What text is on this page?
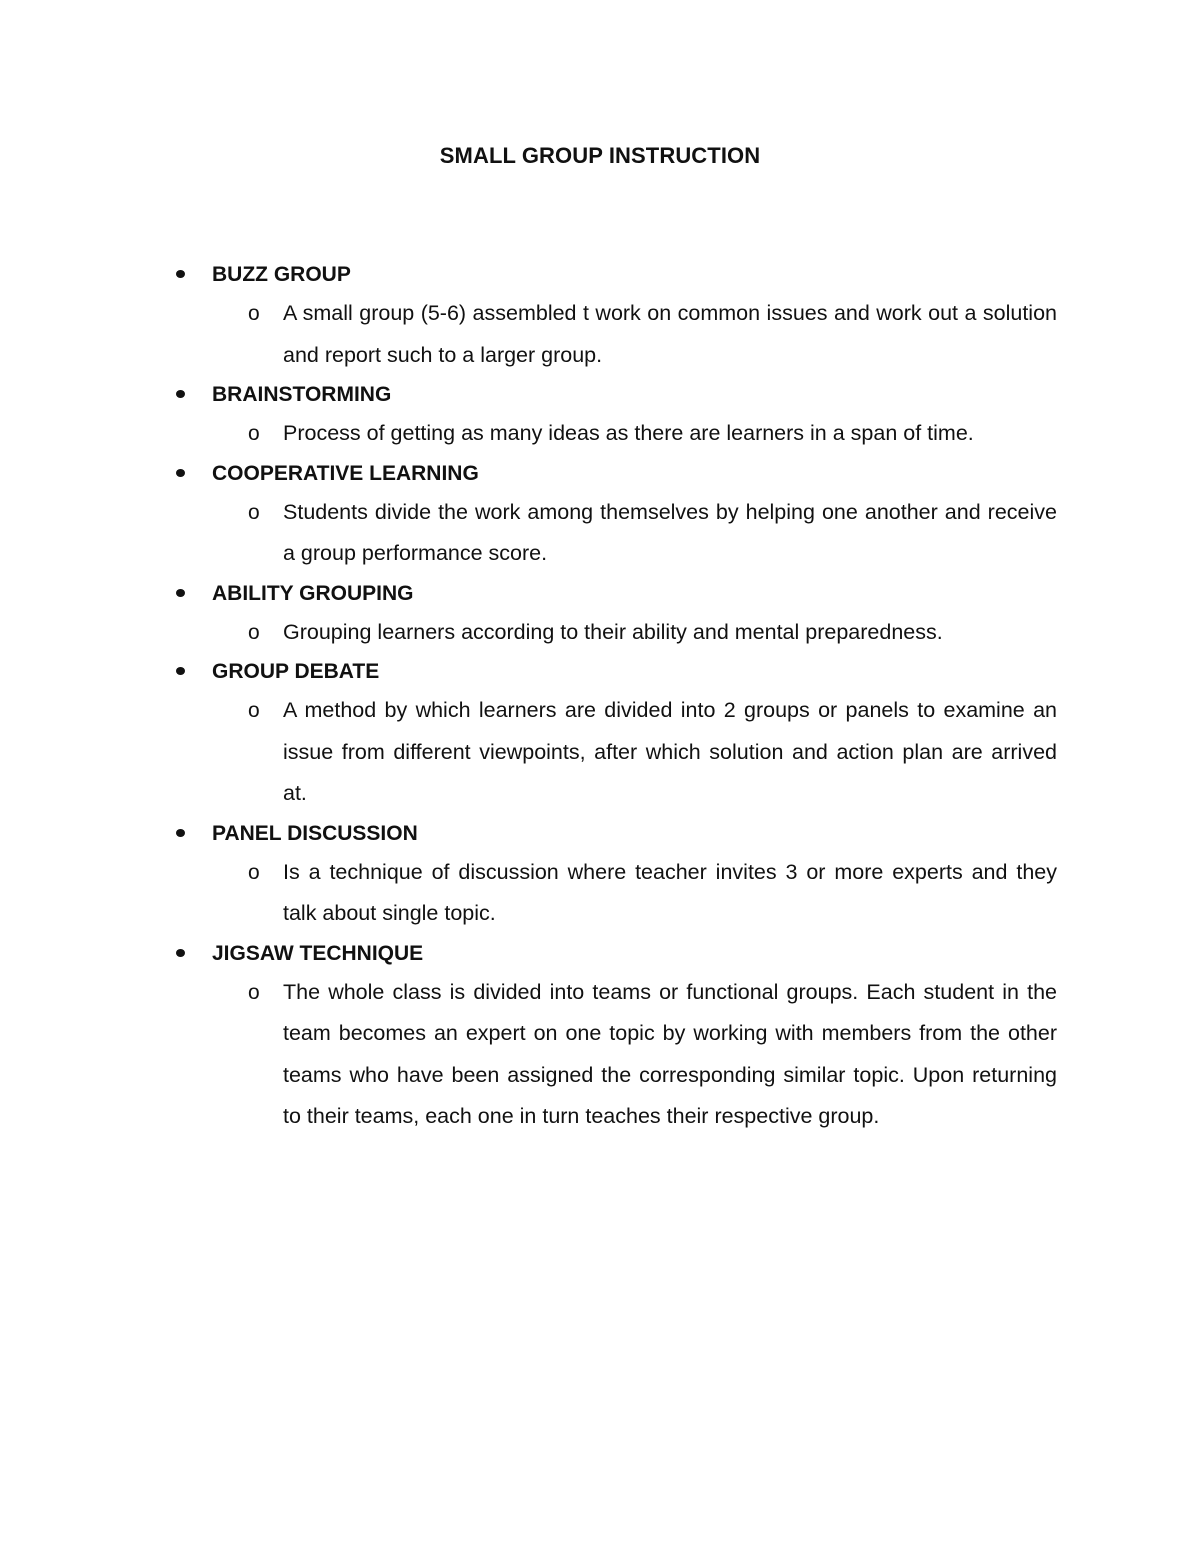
SMALL GROUP INSTRUCTION
BUZZ GROUP
o A small group (5-6) assembled t work on common issues and work out a solution and report such to a larger group.
BRAINSTORMING
o Process of getting as many ideas as there are learners in a span of time.
COOPERATIVE LEARNING
o Students divide the work among themselves by helping one another and receive a group performance score.
ABILITY GROUPING
o Grouping learners according to their ability and mental preparedness.
GROUP DEBATE
o A method by which learners are divided into 2 groups or panels to examine an issue from different viewpoints, after which solution and action plan are arrived at.
PANEL DISCUSSION
o Is a technique of discussion where teacher invites 3 or more experts and they talk about single topic.
JIGSAW TECHNIQUE
o The whole class is divided into teams or functional groups. Each student in the team becomes an expert on one topic by working with members from the other teams who have been assigned the corresponding similar topic. Upon returning to their teams, each one in turn teaches their respective group.
